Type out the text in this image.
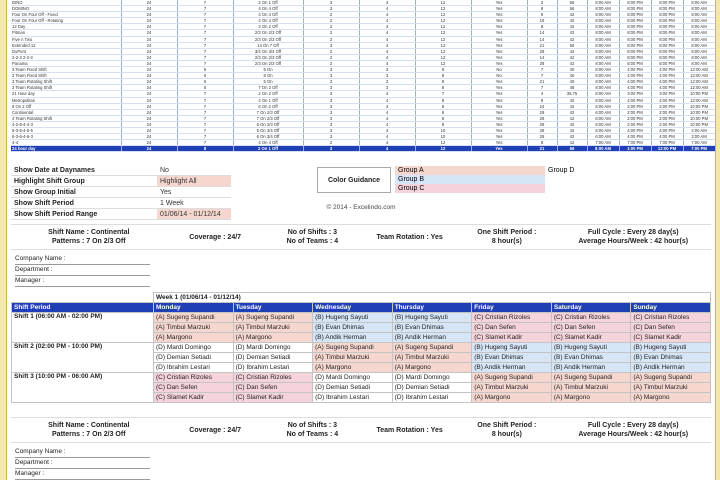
DINO	24	7	2 On 1 Off	3	4	12	Yes	3	56	8:00 AM	8:00 PM	8:00 PM	8:00 AM
DOMINO	24	7	4 On 4 Off	3	4	12	Yes	8	56	8:00 AM	8:00 PM	8:00 PM	8:00 AM
Four On Four Off - Fixed	24	7	4 On 4 Off	2	4	12	Yes	8	42	8:00 AM	8:00 PM	8:00 PM	8:00 AM
Four On Four Off - Rotating	24	7	4 On 4 Off	2	4	12	Yes	16	42	8:00 AM	8:00 PM	8:00 PM	8:00 AM
12 Day	24	7	2 On 2 Off	2	4	12	Yes	8	42	8:00 AM	8:00 PM	8:00 PM	8:00 AM
Pitman	24	7	2/3 On 2/3 Off	2	4	12	Yes	14	42	8:00 AM	8:00 PM	8:00 PM	8:00 AM
Five n Two	24	7	2/3 On 2/3 Off	2	4	12	Yes	14	42	8:00 AM	8:00 PM	8:00 PM	8:00 AM
Extended 12	24	7	14 On 7 Off	3	4	12	Yes	21	56	8:00 AM	8:00 PM	8:00 PM	8:00 AM
DuPont	24	7	3/4 On 3/4 Off	2	4	12	Yes	28	42	8:00 AM	8:00 PM	8:00 PM	8:00 AM
2-2-3 2-2-3	24	7	2/3 On 2/3 Off	2	4	12	Yes	14	42	8:00 AM	8:00 PM	8:00 PM	8:00 AM
Panama	24	7	2/3 On 2/3 Off	2	4	12	Yes	28	42	8:00 AM	8:00 PM	8:00 PM	8:00 AM
3 Team Fixed Shift	24	5	5 On	3	3	8	No	7	40	8:00 AM	4:00 PM	4:00 PM	12:00 AM
3 Team Fixed Shift	24	5	8 On	3	3	8	No	7	40	8:00 AM	4:00 PM	4:00 PM	12:00 AM
3 Team Rotating Shift	24	5	5 On	3	3	8	Yes	21	40	8:00 AM	4:00 PM	4:00 PM	12:00 AM
3 Team Rotating Shift	24	5	7 On 2 Off	3	3	8	Yes	7	48	8:00 AM	4:00 PM	4:00 PM	12:00 AM
21 Hour day	24	7	2 On 2 Off	3	4	7	Yes	4	36.75	8:00 AM	3:00 PM	3:00 PM	10:00 PM
Metropolitan	24	7	4 On 1 Off	3	4	8	Yes	8	42	8:00 AM	4:00 PM	4:00 PM	12:00 AM
6 On 2 Off	24	7	6 On 2 Off	3	4	8	Yes	24	42	6:00 AM	2:00 PM	2:00 PM	10:00 PM
Continental	24	7	7 On 2/3 Off	3	4	8	Yes	28	42	6:00 AM	2:00 PM	2:00 PM	10:00 PM
4 Team Rotating Shift	24	7	7 On 2/3 Off	3	4	8	Yes	28	42	6:00 AM	2:00 PM	2:00 PM	10:00 PM
4-2-6-4-4-3	24	7	6 On 2/3 Off	3	4	8	Yes	28	42	6:00 AM	2:00 PM	2:00 PM	10:00 PM
5-3-5-4-5-5	24	7	5 On 3/4 Off	3	4	10	Yes	28	42	6:00 AM	4:00 PM	4:00 PM	2:00 AM
6-3-6-4-6-3	24	7	6 On 3/4 Off	3	4	10	Yes	28	42	6:00 AM	4:00 PM	4:00 PM	2:00 AM
4-4	24	7	4 On 4 Off	2	4	12	Yes	8	42	7:00 AM	7:00 PM	7:00 PM	7:00 AM
24 hour day	24	8	2 On 1 Off	3	4	12	Yes	21	56	8:00 AM	1:00 PM	12:00 PM	7:00 PM
Show Date at Daynames	No
Highlight Shift Group	Highlight All
Show Group Initial	Yes
Show Shift Period	1 Week
Show Shift Period Range	01/06/14 - 01/12/14
Color Guidance
Group A	Group D
Group B	
Group C	
© 2014 - Excelindo.com
Shift Name : Continental
Patterns : 7 On 2/3 Off
Coverage : 24/7
No of Shifts : 3
No of Teams : 4
Team Rotation : Yes
One Shift Period :
8 hour(s)
Full Cycle : Every 28 day(s)
Average Hours/Week : 42 hour(s)
Company Name :
Department :
Manager :
	Week 1 (01/06/14 - 01/12/14)						
Shift Period	Monday	Tuesday	Wednesday	Thursday	Friday	Saturday	Sunday
Shift 1 (06:00 AM - 02:00 PM)	(A) Sugeng Supandi	(A) Sugeng Supandi	(B) Hugeng Sayuti	(B) Hugeng Sayuti	(C) Cristian Rizoles	(C) Cristian Rizoles	(C) Cristian Rizoles
	(A) Timbul Marzuki	(A) Timbul Marzuki	(B) Evan Dhimas	(B) Evan Dhimas	(C) Dan Sefen	(C) Dan Sefen	(C) Dan Sefen
	(A) Margono	(A) Margono	(B) Andik Herman	(B) Andik Herman	(C) Slamet Kadir	(C) Slamet Kadir	(C) Slamet Kadir
Shift 2 (02:00 PM - 10:00 PM)	(D) Mardi Domingo	(D) Mardi Domingo	(A) Sugeng Supandi	(A) Sugeng Supandi	(B) Hugeng Sayuti	(B) Hugeng Sayuti	(B) Hugeng Sayuti
	(D) Demian Setiadi	(D) Demian Setiadi	(A) Timbul Marzuki	(A) Timbul Marzuki	(B) Evan Dhimas	(B) Evan Dhimas	(B) Evan Dhimas
	(D) Ibrahim Lestari	(D) Ibrahim Lestari	(A) Margono	(A) Margono	(B) Andik Herman	(B) Andik Herman	(B) Andik Herman
Shift 3 (10:00 PM - 06:00 AM)	(C) Cristian Rizoles	(C) Cristian Rizoles	(D) Mardi Domingo	(D) Mardi Domingo	(A) Sugeng Supandi	(A) Sugeng Supandi	(A) Sugeng Supandi
	(C) Dan Sefen	(C) Dan Sefen	(D) Demian Setiadi	(D) Demian Setiadi	(A) Timbul Marzuki	(A) Timbul Marzuki	(A) Timbul Marzuki
	(C) Slamet Kadir	(C) Slamet Kadir	(D) Ibrahim Lestari	(D) Ibrahim Lestari	(A) Margono	(A) Margono	(A) Margono
Shift Name : Continental
Patterns : 7 On 2/3 Off
Coverage : 24/7
No of Shifts : 3
No of Teams : 4
Team Rotation : Yes
One Shift Period :
8 hour(s)
Full Cycle : Every 28 day(s)
Average Hours/Week : 42 hour(s)
Company Name :
Department :
Manager :
